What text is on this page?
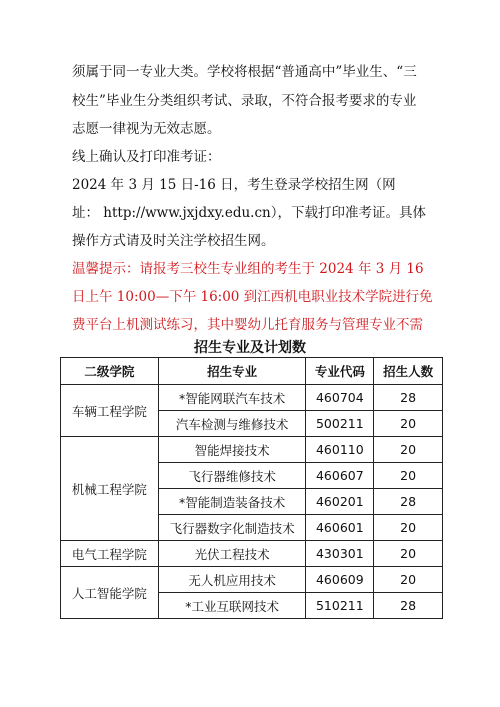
须属于同一专业大类。学校将根据“普通高中”毕业生、“三
校生”毕业生分类组织考试、录取，不符合报考要求的专业
志愿一律视为无效志愿。
线上确认及打印准考证：
2024 年 3 月 15 日-16 日，考生登录学校招生网（网
址： http://www.jxjdxy.edu.cn），下载打印准考证。具体
操作方式请及时关注学校招生网。
温馨提示：请报考三校生专业组的考生于 2024 年 3 月 16
日上午 10:00—下午 16:00 到江西机电职业技术学院进行免
费平台上机测试练习，其中婴幼儿托育服务与管理专业不需
招生专业及计划数
二级学院	招生专业	专业代码	招生人数
车辆工程学院	*智能网联汽车技术	460704	28
	汽车检测与维修技术	500211	20
机械工程学院	智能焊接技术	460110	20
	飞行器维修技术	460607	20
	*智能制造装备技术	460201	28
	飞行器数字化制造技术	460601	20
电气工程学院	光伏工程技术	430301	20
人工智能学院	无人机应用技术	460609	20
	*工业互联网技术	510211	28
